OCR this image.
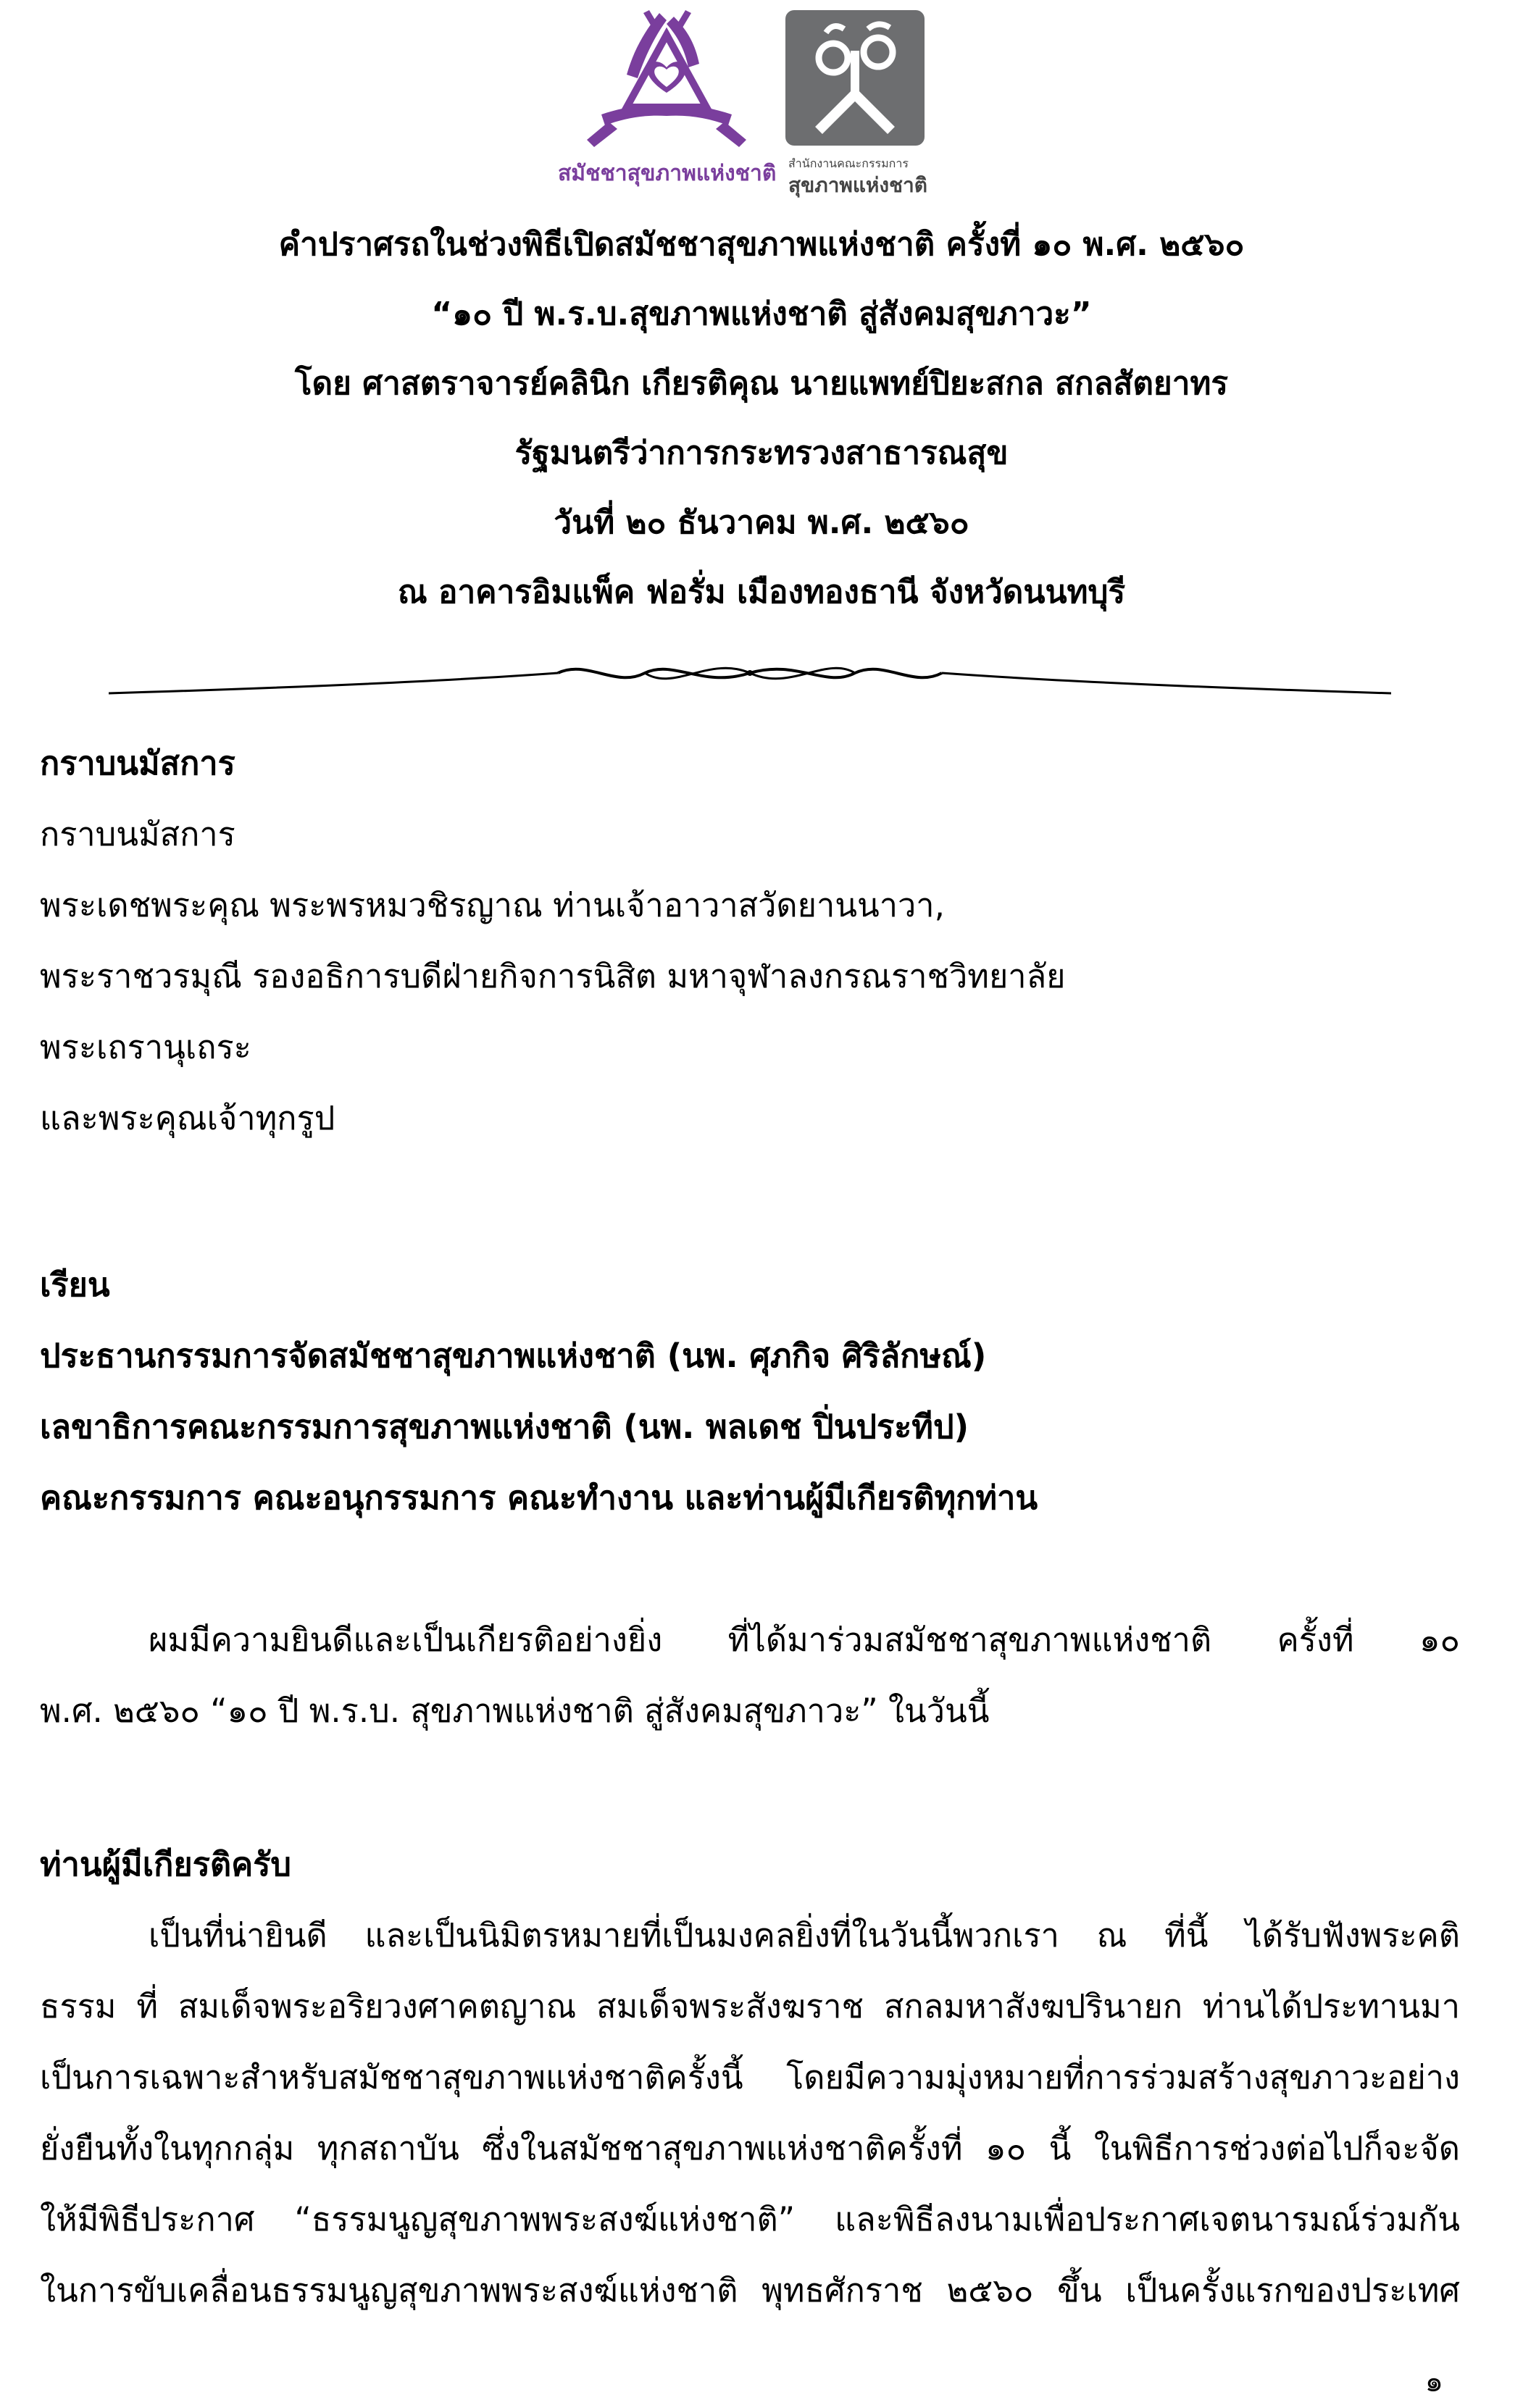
สมัชชาสุขภาพแห่งชาติ สำนักงานคณะกรรมการ
สุขภาพแห่งชาติ
คำปราศรถในช่วงพิธีเปิดสมัชชาสุขภาพแห่งชาติ ครั้งที่ ๑๐ พ.ศ. ๒๕๖๐
“๑๐ ปี พ.ร.บ.สุขภาพแห่งชาติ สู่สังคมสุขภาวะ”
โดย ศาสตราจารย์คลินิก เกียรติคุณ นายแพทย์ปิยะสกล สกลสัตยาทร
รัฐมนตรีว่าการกระทรวงสาธารณสุข
วันที่ ๒๐ ธันวาคม พ.ศ. ๒๕๖๐
ณ อาคารอิมแพ็ค ฟอรั่ม เมืองทองธานี จังหวัดนนทบุรี
กราบนมัสการ
กราบนมัสการ
พระเดชพระคุณ พระพรหมวชิรญาณ ท่านเจ้าอาวาสวัดยานนาวา,
พระราชวรมุณี รองอธิการบดีฝ่ายกิจการนิสิต มหาจุฬาลงกรณราชวิทยาลัย
พระเถรานุเถระ
และพระคุณเจ้าทุกรูป
เรียน
ประธานกรรมการจัดสมัชชาสุขภาพแห่งชาติ (นพ. ศุภกิจ ศิริลักษณ์)
เลขาธิการคณะกรรมการสุขภาพแห่งชาติ (นพ. พลเดช ปิ่นประทีป)
คณะกรรมการ คณะอนุกรรมการ คณะทำงาน และท่านผู้มีเกียรติทุกท่าน
ผมมีความยินดีและเป็นเกียรติอย่างยิ่ง ที่ได้มาร่วมสมัชชาสุขภาพแห่งชาติ ครั้งที่ ๑๐
พ.ศ. ๒๕๖๐ “๑๐ ปี พ.ร.บ. สุขภาพแห่งชาติ สู่สังคมสุขภาวะ” ในวันนี้
ท่านผู้มีเกียรติครับ
เป็นที่น่ายินดี และเป็นนิมิตรหมายที่เป็นมงคลยิ่งที่ในวันนี้พวกเรา ณ ที่นี้ ได้รับฟังพระคติ
ธรรม ที่ สมเด็จพระอริยวงศาคตญาณ สมเด็จพระสังฆราช สกลมหาสังฆปรินายก ท่านได้ประทานมา
เป็นการเฉพาะสำหรับสมัชชาสุขภาพแห่งชาติครั้งนี้ โดยมีความมุ่งหมายที่การร่วมสร้างสุขภาวะอย่าง
ยั่งยืนทั้งในทุกกลุ่ม ทุกสถาบัน ซึ่งในสมัชชาสุขภาพแห่งชาติครั้งที่ ๑๐ นี้ ในพิธีการช่วงต่อไปก็จะจัด
ให้มีพิธีประกาศ “ธรรมนูญสุขภาพพระสงฆ์แห่งชาติ” และพิธีลงนามเพื่อประกาศเจตนารมณ์ร่วมกัน
ในการขับเคลื่อนธรรมนูญสุขภาพพระสงฆ์แห่งชาติ พุทธศักราช ๒๕๖๐ ขึ้น เป็นครั้งแรกของประเทศ
๑
